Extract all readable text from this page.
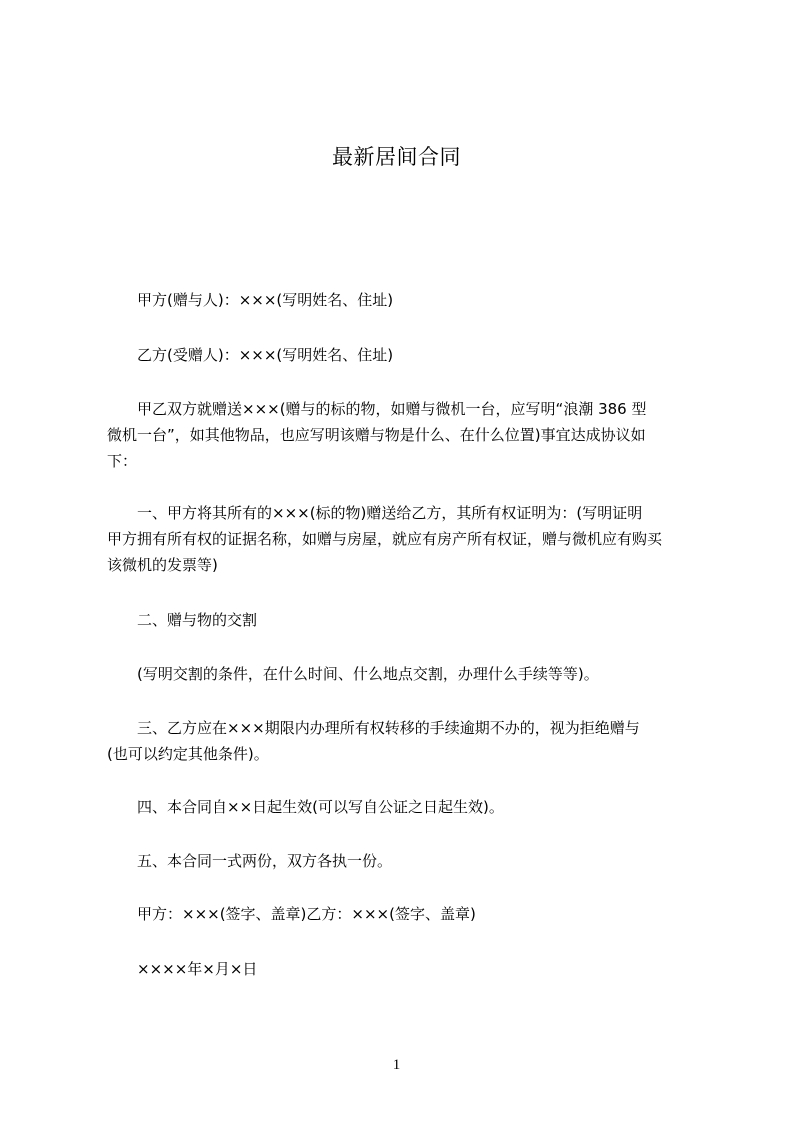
最新居间合同

甲方(赠与人)：×××(写明姓名、住址)

乙方(受赠人)：×××(写明姓名、住址)

甲乙双方就赠送×××(赠与的标的物，如赠与微机一台，应写明“浪潮 386 型
微机一台”，如其他物品，也应写明该赠与物是什么、在什么位置)事宜达成协议如
下：

一、甲方将其所有的×××(标的物)赠送给乙方，其所有权证明为：(写明证明
甲方拥有所有权的证据名称，如赠与房屋，就应有房产所有权证，赠与微机应有购买
该微机的发票等)

二、赠与物的交割

(写明交割的条件，在什么时间、什么地点交割，办理什么手续等等)。

三、乙方应在×××期限内办理所有权转移的手续逾期不办的，视为拒绝赠与
(也可以约定其他条件)。

四、本合同自××日起生效(可以写自公证之日起生效)。

五、本合同一式两份，双方各执一份。

甲方：×××(签字、盖章)乙方：×××(签字、盖章)

××××年×月×日

1
